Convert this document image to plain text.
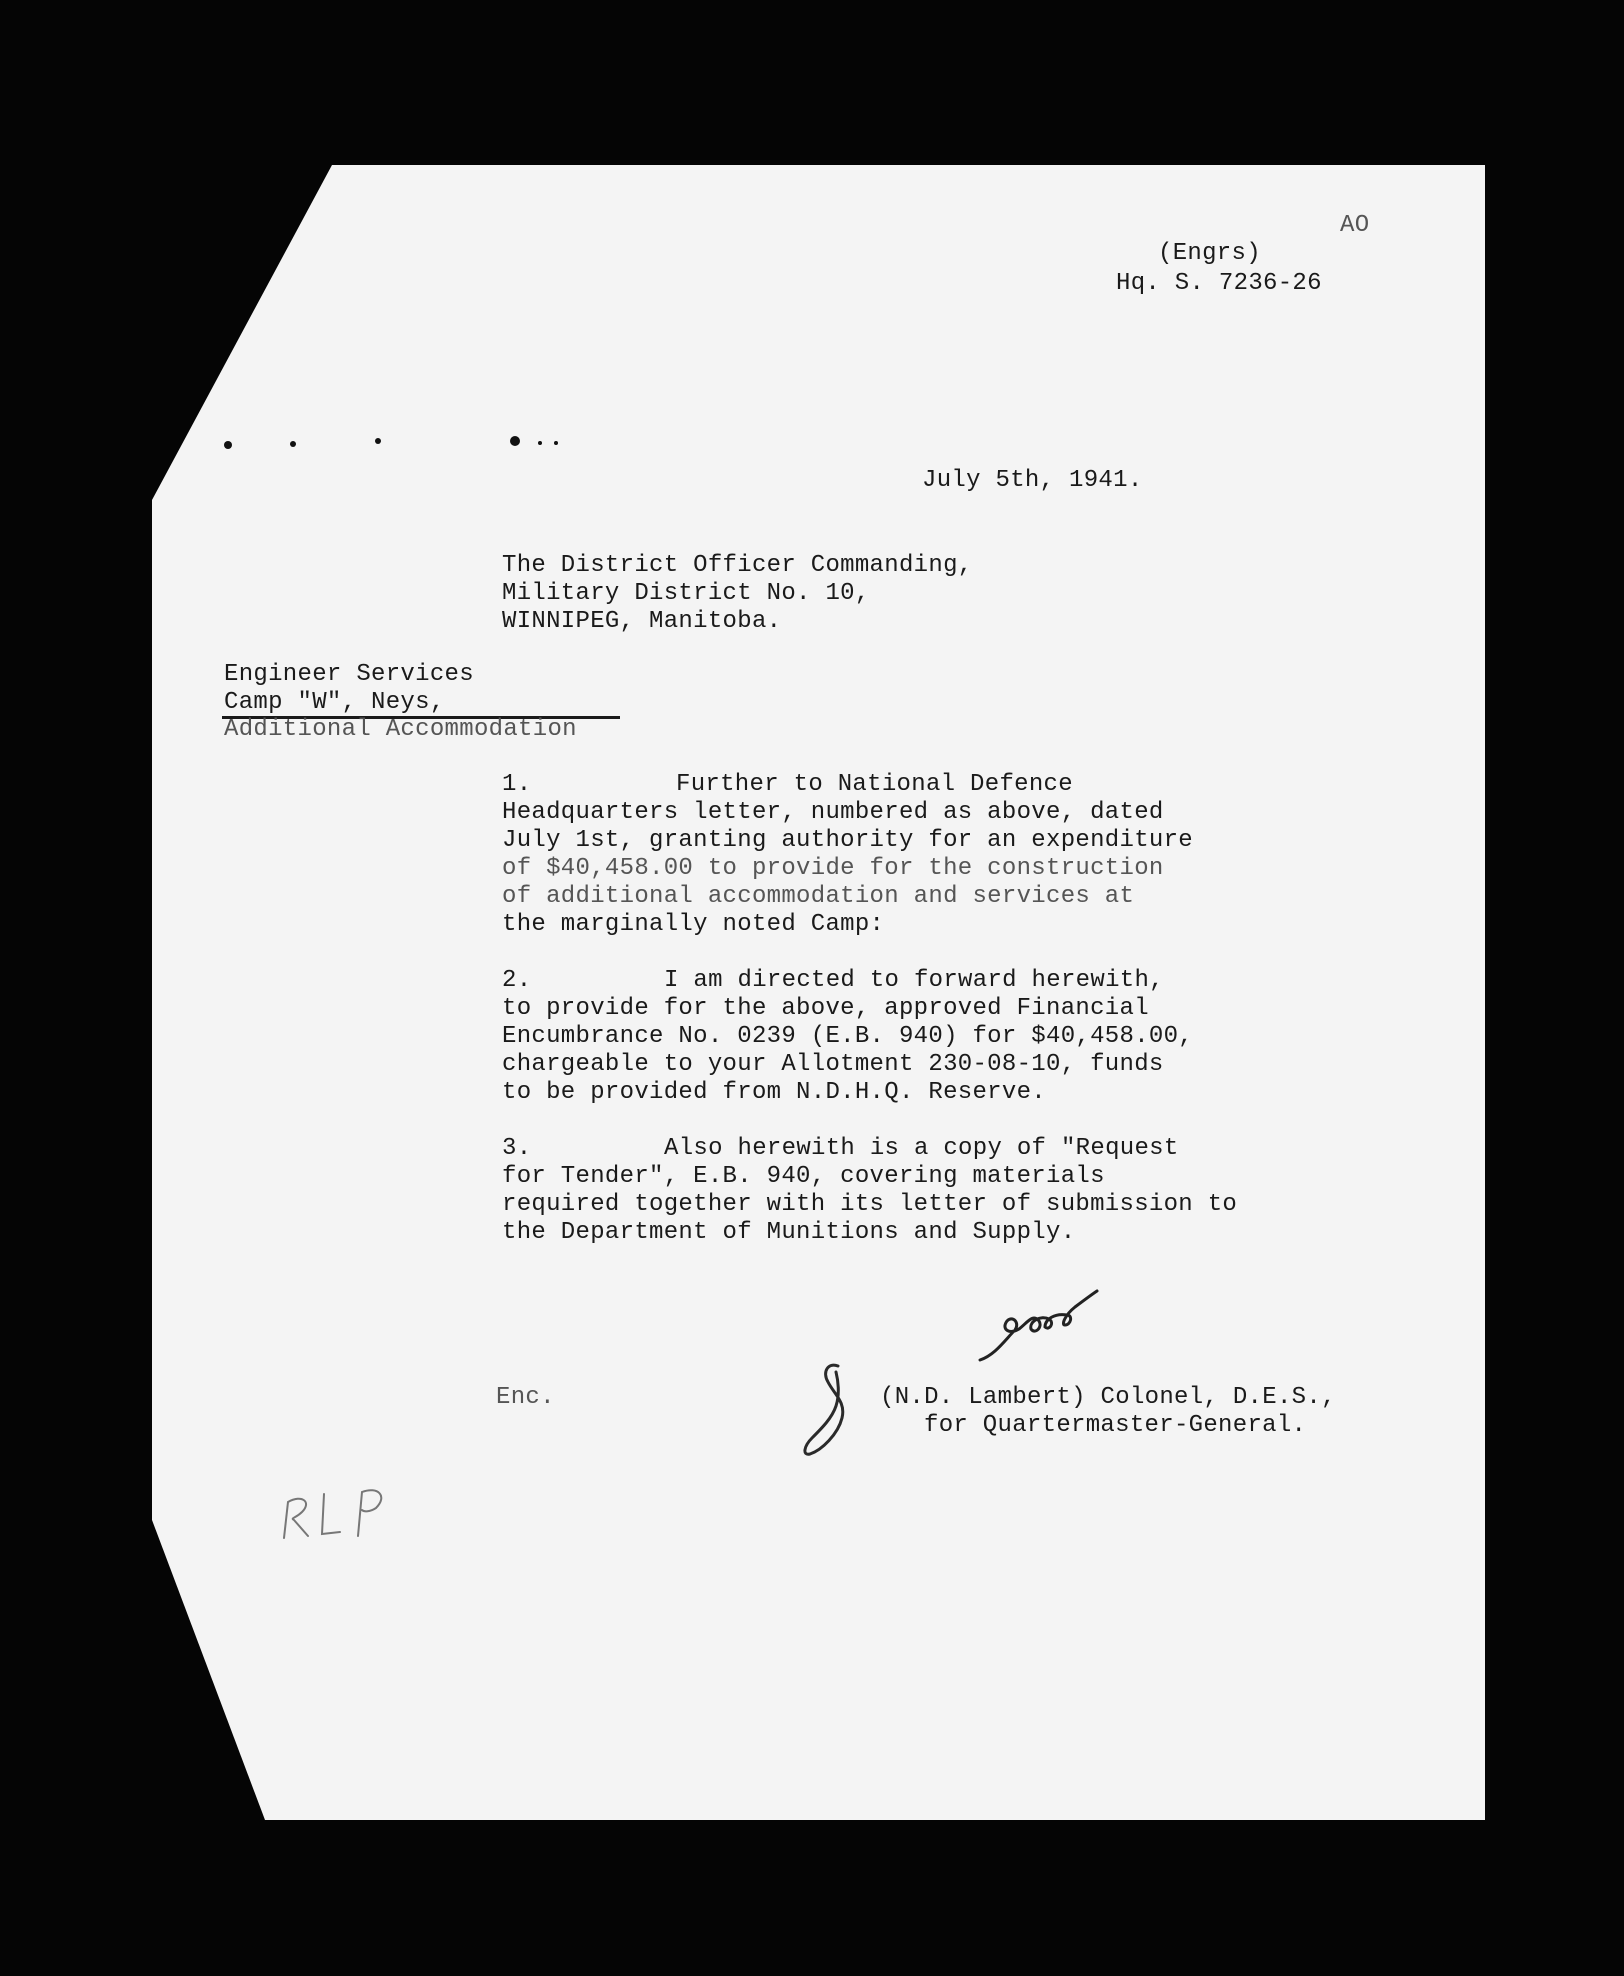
AO
(Engrs)
Hq. S. 7236-26
July 5th, 1941.
The District Officer Commanding,
Military District No. 10,
WINNIPEG, Manitoba.
Engineer Services
Camp "W", Neys,
Additional Accommodation
1.	Further to National Defence
Headquarters letter, numbered as above, dated
July 1st, granting authority for an expenditure
of $40,458.00 to provide for the construction
of additional accommodation and services at
the marginally noted Camp:
2.	I am directed to forward herewith,
to provide for the above, approved Financial
Encumbrance No. 0239 (E.B. 940) for $40,458.00,
chargeable to your Allotment 230-08-10, funds
to be provided from N.D.H.Q. Reserve.
3.	Also herewith is a copy of "Request
for Tender", E.B. 940, covering materials
required together with its letter of submission to
the Department of Munitions and Supply.
Enc.	(N.D. Lambert) Colonel, D.E.S.,
for Quartermaster-General.
